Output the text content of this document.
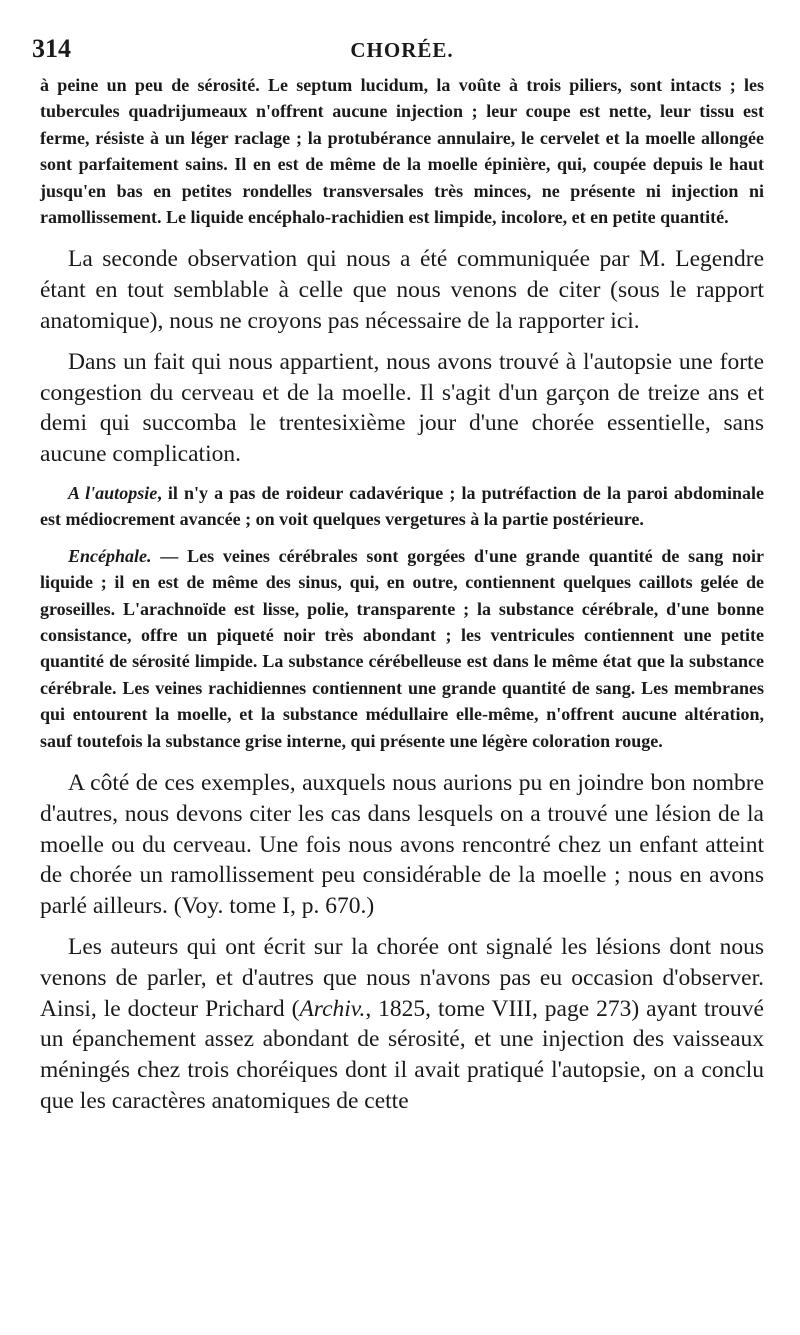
314	CHORÉE.

à peine un peu de sérosité. Le septum lucidum, la voûte à trois piliers, sont intacts ; les tubercules quadrijumeaux n'offrent aucune injection ; leur coupe est nette, leur tissu est ferme, résiste à un léger raclage ; la protubérance annulaire, le cervelet et la moelle allongée sont parfaitement sains. Il en est de même de la moelle épinière, qui, coupée depuis le haut jusqu'en bas en petites rondelles transversales très minces, ne présente ni injection ni ramollissement. Le liquide encéphalo-rachidien est limpide, incolore, et en petite quantité.

La seconde observation qui nous a été communiquée par M. Legendre étant en tout semblable à celle que nous venons de citer (sous le rapport anatomique), nous ne croyons pas nécessaire de la rapporter ici.

Dans un fait qui nous appartient, nous avons trouvé à l'autopsie une forte congestion du cerveau et de la moelle. Il s'agit d'un garçon de treize ans et demi qui succomba le trentesixième jour d'une chorée essentielle, sans aucune complication.

A l'autopsie, il n'y a pas de roideur cadavérique ; la putréfaction de la paroi abdominale est médiocrement avancée ; on voit quelques vergetures à la partie postérieure.

Encéphale. — Les veines cérébrales sont gorgées d'une grande quantité de sang noir liquide ; il en est de même des sinus, qui, en outre, contiennent quelques caillots gelée de groseilles. L'arachnoïde est lisse, polie, transparente ; la substance cérébrale, d'une bonne consistance, offre un piqueté noir très abondant ; les ventricules contiennent une petite quantité de sérosité limpide. La substance cérébelleuse est dans le même état que la substance cérébrale. Les veines rachidiennes contiennent une grande quantité de sang. Les membranes qui entourent la moelle, et la substance médullaire elle-même, n'offrent aucune altération, sauf toutefois la substance grise interne, qui présente une légère coloration rouge.

A côté de ces exemples, auxquels nous aurions pu en joindre bon nombre d'autres, nous devons citer les cas dans lesquels on a trouvé une lésion de la moelle ou du cerveau. Une fois nous avons rencontré chez un enfant atteint de chorée un ramollissement peu considérable de la moelle ; nous en avons parlé ailleurs. (Voy. tome I, p. 670.)

Les auteurs qui ont écrit sur la chorée ont signalé les lésions dont nous venons de parler, et d'autres que nous n'avons pas eu occasion d'observer. Ainsi, le docteur Prichard (Archiv., 1825, tome VIII, page 273) ayant trouvé un épanchement assez abondant de sérosité, et une injection des vaisseaux méningés chez trois choréiques dont il avait pratiqué l'autopsie, on a conclu que les caractères anatomiques de cette
